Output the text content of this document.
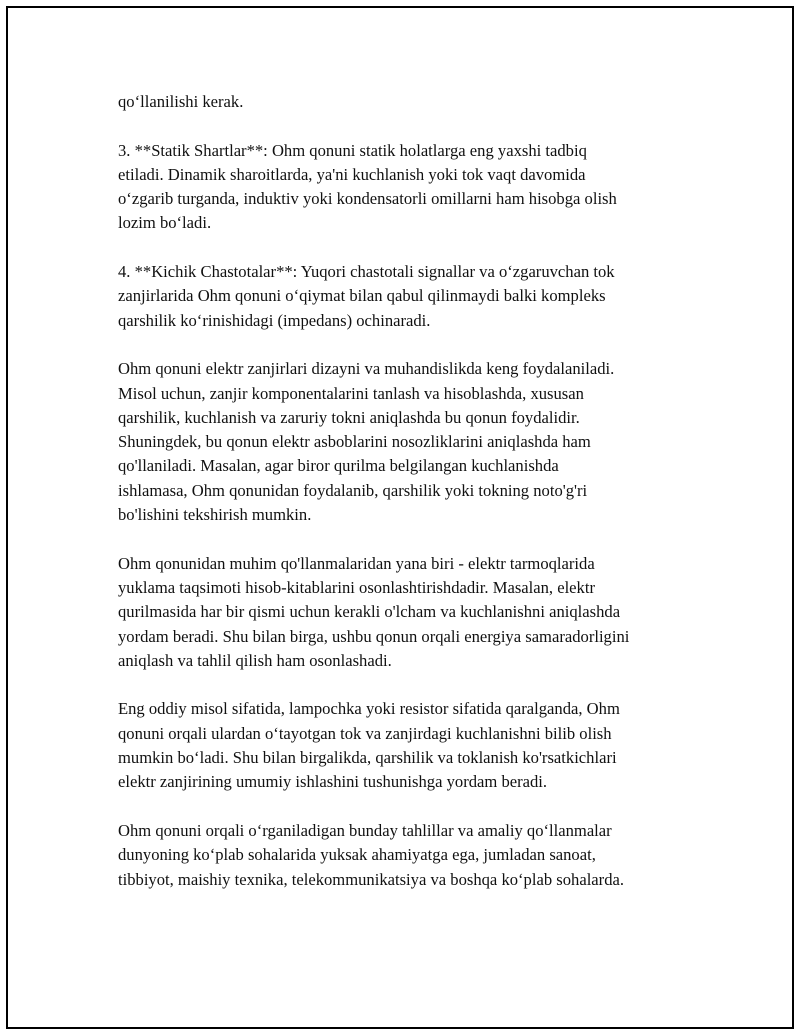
qo‘llanilishi kerak.

3. **Statik Shartlar**: Ohm qonuni statik holatlarga eng yaxshi tadbiq
etiladi. Dinamik sharoitlarda, ya'ni kuchlanish yoki tok vaqt davomida
o‘zgarib turganda, induktiv yoki kondensatorli omillarni ham hisobga olish
lozim bo‘ladi.

4. **Kichik Chastotalar**: Yuqori chastotali signallar va o‘zgaruvchan tok
zanjirlarida Ohm qonuni o‘qiymat bilan qabul qilinmaydi balki kompleks
qarshilik ko‘rinishidagi (impedans) ochinaradi.

Ohm qonuni elektr zanjirlari dizayni va muhandislikda keng foydalaniladi.
Misol uchun, zanjir komponentalarini tanlash va hisoblashda, xususan
qarshilik, kuchlanish va zaruriy tokni aniqlashda bu qonun foydalidir.
Shuningdek, bu qonun elektr asboblarini nosozliklarini aniqlashda ham
qo'llaniladi. Masalan, agar biror qurilma belgilangan kuchlanishda
ishlamasa, Ohm qonunidan foydalanib, qarshilik yoki tokning noto'g'ri
bo'lishini tekshirish mumkin.

Ohm qonunidan muhim qo'llanmalaridan yana biri - elektr tarmoqlarida
yuklama taqsimoti hisob-kitablarini osonlashtirishdadir. Masalan, elektr
qurilmasida har bir qismi uchun kerakli o'lcham va kuchlanishni aniqlashda
yordam beradi. Shu bilan birga, ushbu qonun orqali energiya samaradorligini
aniqlash va tahlil qilish ham osonlashadi.

Eng oddiy misol sifatida, lampochka yoki resistor sifatida qaralganda, Ohm
qonuni orqali ulardan o‘tayotgan tok va zanjirdagi kuchlanishni bilib olish
mumkin bo‘ladi. Shu bilan birgalikda, qarshilik va toklanish ko'rsatkichlari
elektr zanjirining umumiy ishlashini tushunishga yordam beradi.

Ohm qonuni orqali o‘rganiladigan bunday tahlillar va amaliy qo‘llanmalar
dunyoning ko‘plab sohalarida yuksak ahamiyatga ega, jumladan sanoat,
tibbiyot, maishiy texnika, telekommunikatsiya va boshqa ko‘plab sohalarda.
